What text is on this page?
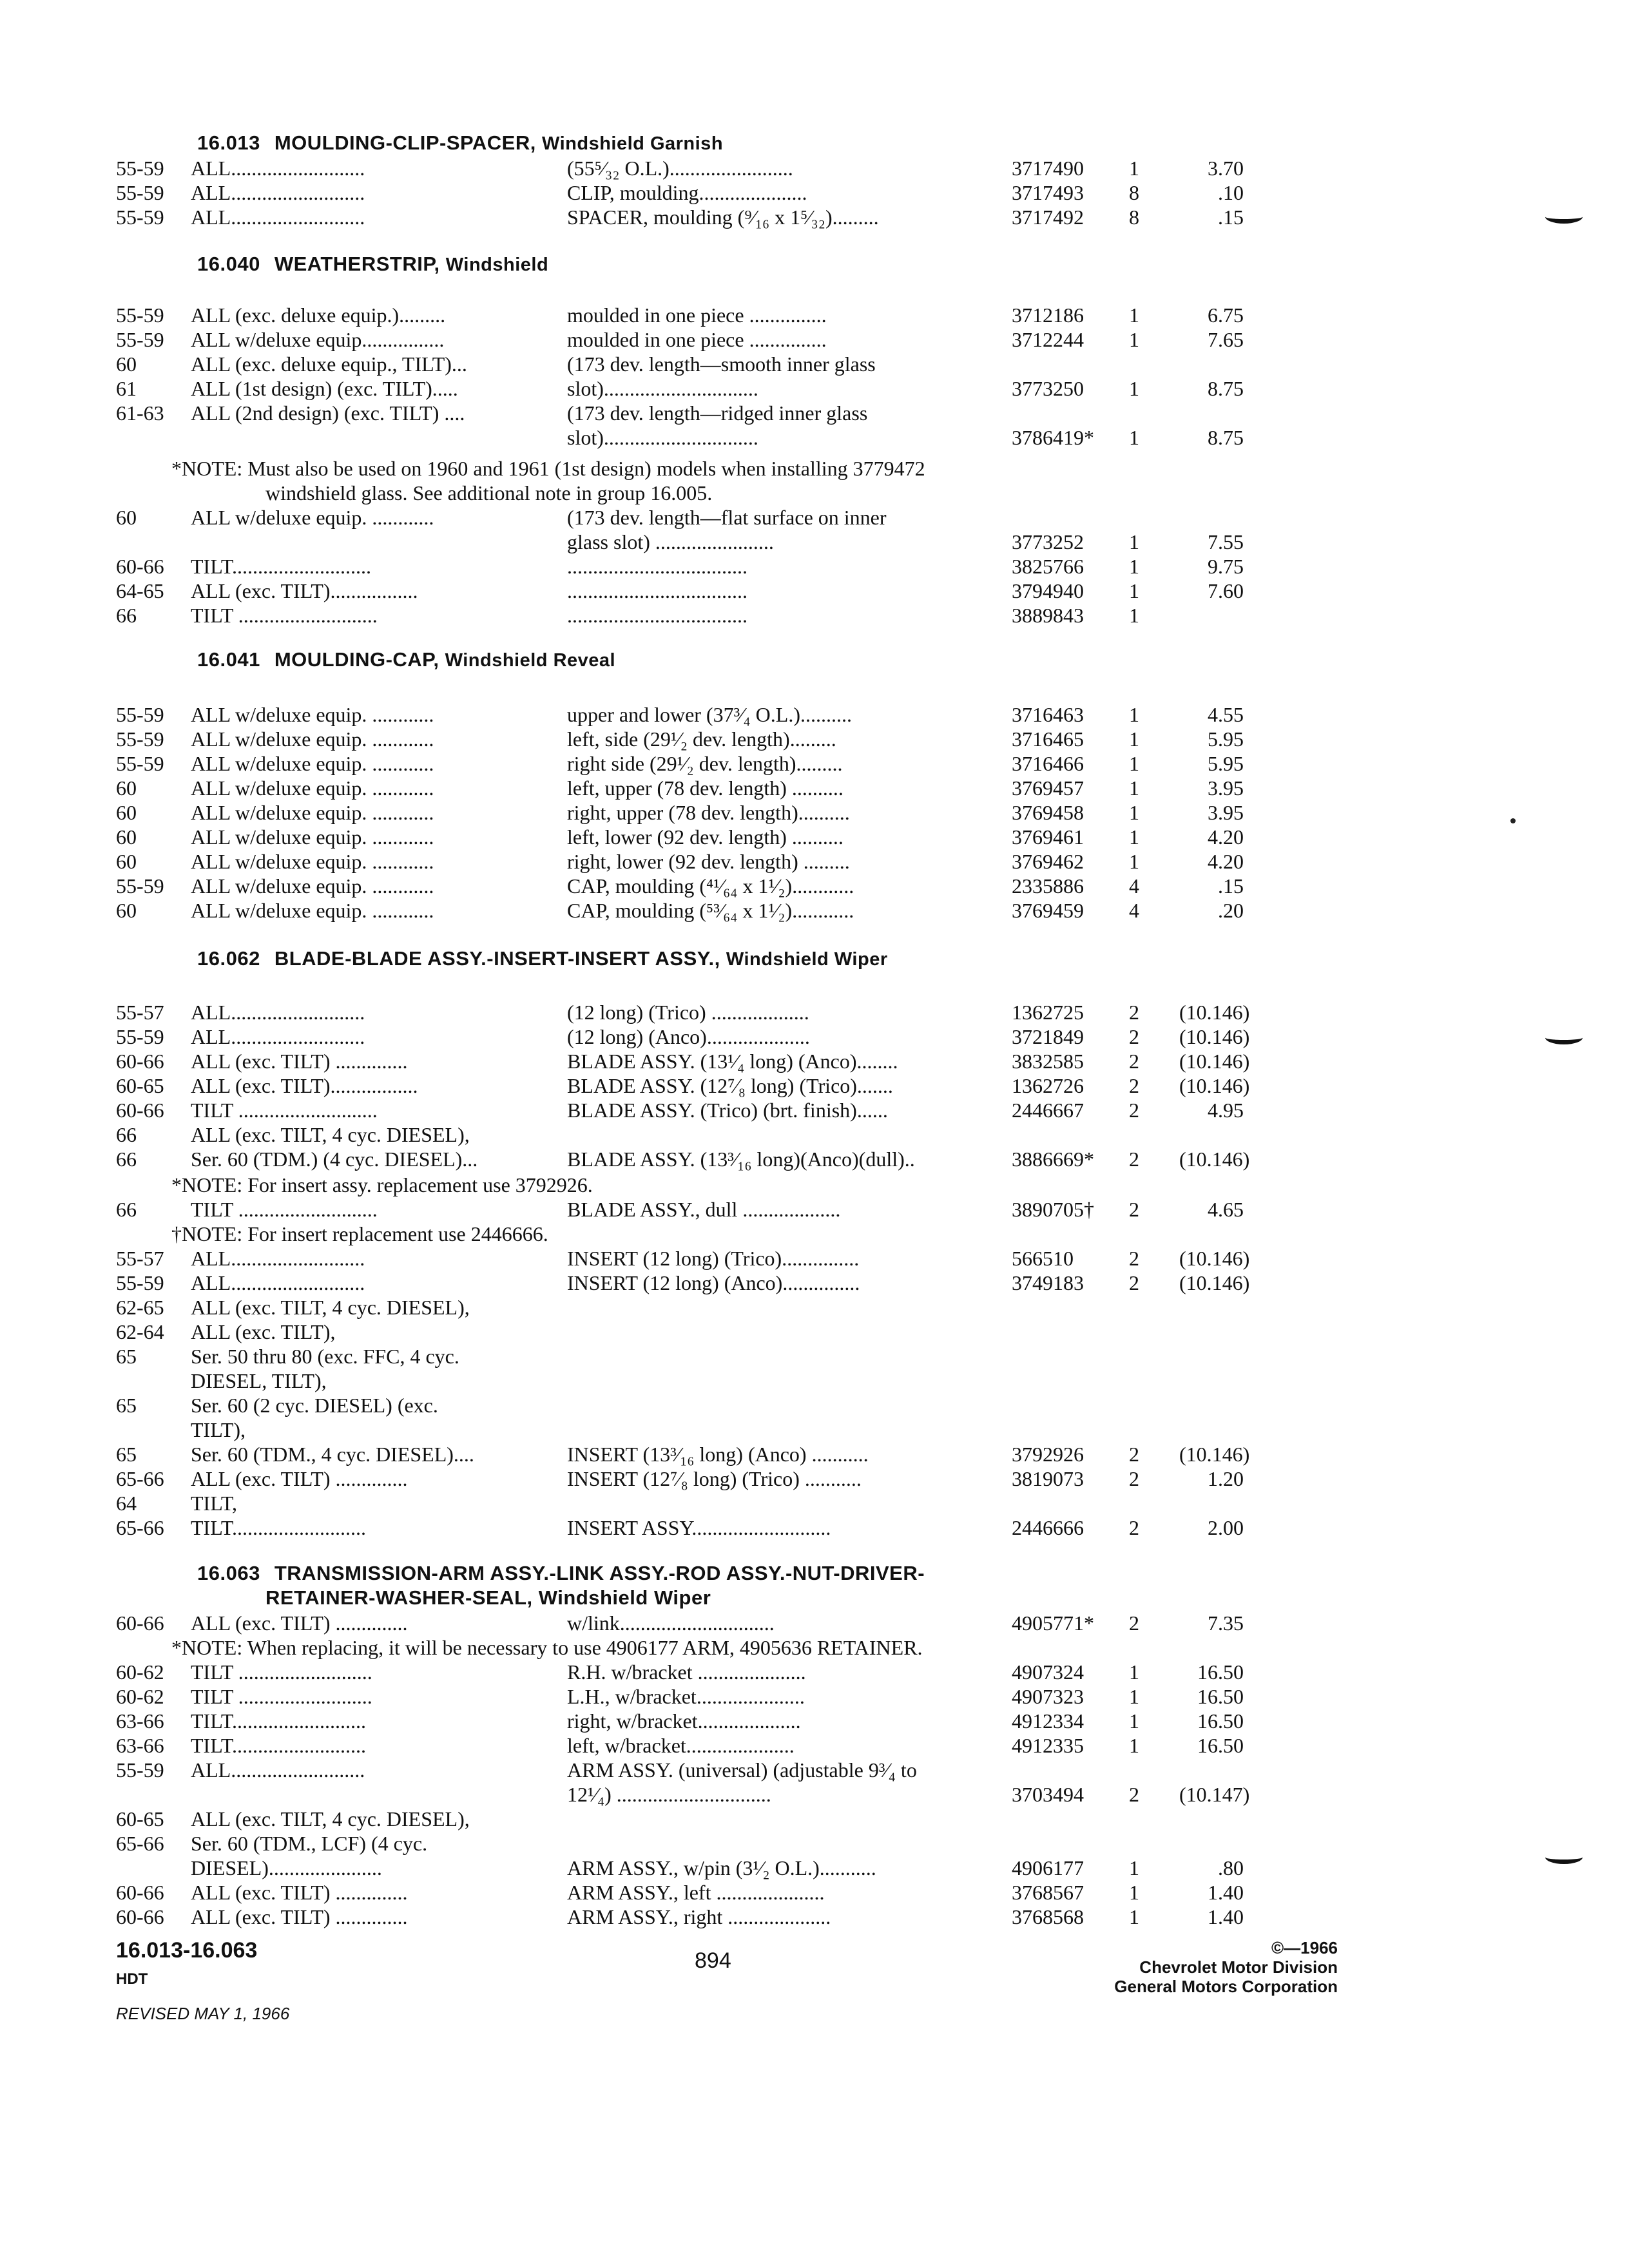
16.013 MOULDING-CLIP-SPACER, Windshield Garnish
55-59 ALL..........................	(55⁵⁄₃₂ O.L.)........................	3717490 1	3.70
55-59 ALL..........................	CLIP, moulding.....................	3717493 8	.10
55-59 ALL..........................	SPACER, moulding (⁹⁄₁₆ x 1⁵⁄₃₂).........	3717492 8	.15
16.040 WEATHERSTRIP, Windshield
55-59 ALL (exc. deluxe equip.).........	moulded in one piece ...............	3712186 1	6.75
55-59 ALL w/deluxe equip................	moulded in one piece ...............	3712244 1	7.65
60	ALL (exc. deluxe equip., TILT)...	(173 dev. length—smooth inner glass
61	ALL (1st design) (exc. TILT).....	slot)..............................	3773250 1	8.75
61-63 ALL (2nd design) (exc. TILT) ....	(173 dev. length—ridged inner glass
slot)..............................	3786419* 1	8.75
*NOTE: Must also be used on 1960 and 1961 (1st design) models when installing 3779472
windshield glass. See additional note in group 16.005.
60	ALL w/deluxe equip. ............	(173 dev. length—flat surface on inner
glass slot) .......................	3773252 1	7.55
60-66 TILT...........................	...................................	3825766 1	9.75
64-65 ALL (exc. TILT).................	...................................	3794940 1	7.60
66	TILT ...........................	...................................	3889843 1
16.041 MOULDING-CAP, Windshield Reveal
55-59 ALL w/deluxe equip. ............	upper and lower (37³⁄₄ O.L.)..........	3716463 1	4.55
55-59 ALL w/deluxe equip. ............	left, side (29¹⁄₂ dev. length).........	3716465 1	5.95
55-59 ALL w/deluxe equip. ............	right side (29¹⁄₂ dev. length).........	3716466 1	5.95
60	ALL w/deluxe equip. ............	left, upper (78 dev. length) ..........	3769457 1	3.95
60	ALL w/deluxe equip. ............	right, upper (78 dev. length)..........	3769458 1	3.95
60	ALL w/deluxe equip. ............	left, lower (92 dev. length) ..........	3769461 1	4.20
60	ALL w/deluxe equip. ............	right, lower (92 dev. length) .........	3769462 1	4.20
55-59 ALL w/deluxe equip. ............	CAP, moulding (⁴¹⁄₆₄ x 1¹⁄₂)............	2335886 4	.15
60	ALL w/deluxe equip. ............	CAP, moulding (⁵³⁄₆₄ x 1¹⁄₂)............	3769459 4	.20
16.062 BLADE-BLADE ASSY.-INSERT-INSERT ASSY., Windshield Wiper
55-57 ALL..........................	(12 long) (Trico) ...................	1362725 2 (10.146)
55-59 ALL..........................	(12 long) (Anco)....................	3721849 2 (10.146)
60-66 ALL (exc. TILT) ..............	BLADE ASSY. (13¹⁄₄ long) (Anco)........	3832585 2 (10.146)
60-65 ALL (exc. TILT).................	BLADE ASSY. (12⁷⁄₈ long) (Trico).......	1362726 2 (10.146)
60-66 TILT ...........................	BLADE ASSY. (Trico) (brt. finish)......	2446667 2	4.95
66	ALL (exc. TILT, 4 cyc. DIESEL),
66	Ser. 60 (TDM.) (4 cyc. DIESEL)...	BLADE ASSY. (13³⁄₁₆ long)(Anco)(dull)..	3886669* 2 (10.146)
*NOTE: For insert assy. replacement use 3792926.
66	TILT ...........................	BLADE ASSY., dull ...................	3890705† 2	4.65
†NOTE: For insert replacement use 2446666.
55-57 ALL..........................	INSERT (12 long) (Trico)...............	566510	2 (10.146)
55-59 ALL..........................	INSERT (12 long) (Anco)...............	3749183 2 (10.146)
62-65 ALL (exc. TILT, 4 cyc. DIESEL),
62-64 ALL (exc. TILT),
65	Ser. 50 thru 80 (exc. FFC, 4 cyc.
DIESEL, TILT),
65	Ser. 60 (2 cyc. DIESEL) (exc.
TILT),
65	Ser. 60 (TDM., 4 cyc. DIESEL)....	INSERT (13³⁄₁₆ long) (Anco) ...........	3792926 2 (10.146)
65-66 ALL (exc. TILT) ..............	INSERT (12⁷⁄₈ long) (Trico) ...........	3819073 2	1.20
64	TILT,
65-66 TILT..........................	INSERT ASSY...........................	2446666 2	2.00
16.063 TRANSMISSION-ARM ASSY.-LINK ASSY.-ROD ASSY.-NUT-DRIVER-
RETAINER-WASHER-SEAL, Windshield Wiper
60-66 ALL (exc. TILT) ..............	w/link..............................	4905771* 2	7.35
*NOTE: When replacing, it will be necessary to use 4906177 ARM, 4905636 RETAINER.
60-62 TILT ..........................	R.H. w/bracket .....................	4907324 1	16.50
60-62 TILT ..........................	L.H., w/bracket.....................	4907323 1	16.50
63-66 TILT..........................	right, w/bracket....................	4912334 1	16.50
63-66 TILT..........................	left, w/bracket.....................	4912335 1	16.50
55-59 ALL..........................	ARM ASSY. (universal) (adjustable 9³⁄₄ to
12¹⁄₄) ..............................	3703494 2 (10.147)
60-65 ALL (exc. TILT, 4 cyc. DIESEL),
65-66 Ser. 60 (TDM., LCF) (4 cyc.
DIESEL)......................	ARM ASSY., w/pin (3¹⁄₂ O.L.)...........	4906177 1	.80
60-66 ALL (exc. TILT) ..............	ARM ASSY., left .....................	3768567 1	1.40
60-66 ALL (exc. TILT) ..............	ARM ASSY., right ....................	3768568 1	1.40
16.013-16.063
HDT
REVISED MAY 1, 1966
894
©—1966
Chevrolet Motor Division
General Motors Corporation
